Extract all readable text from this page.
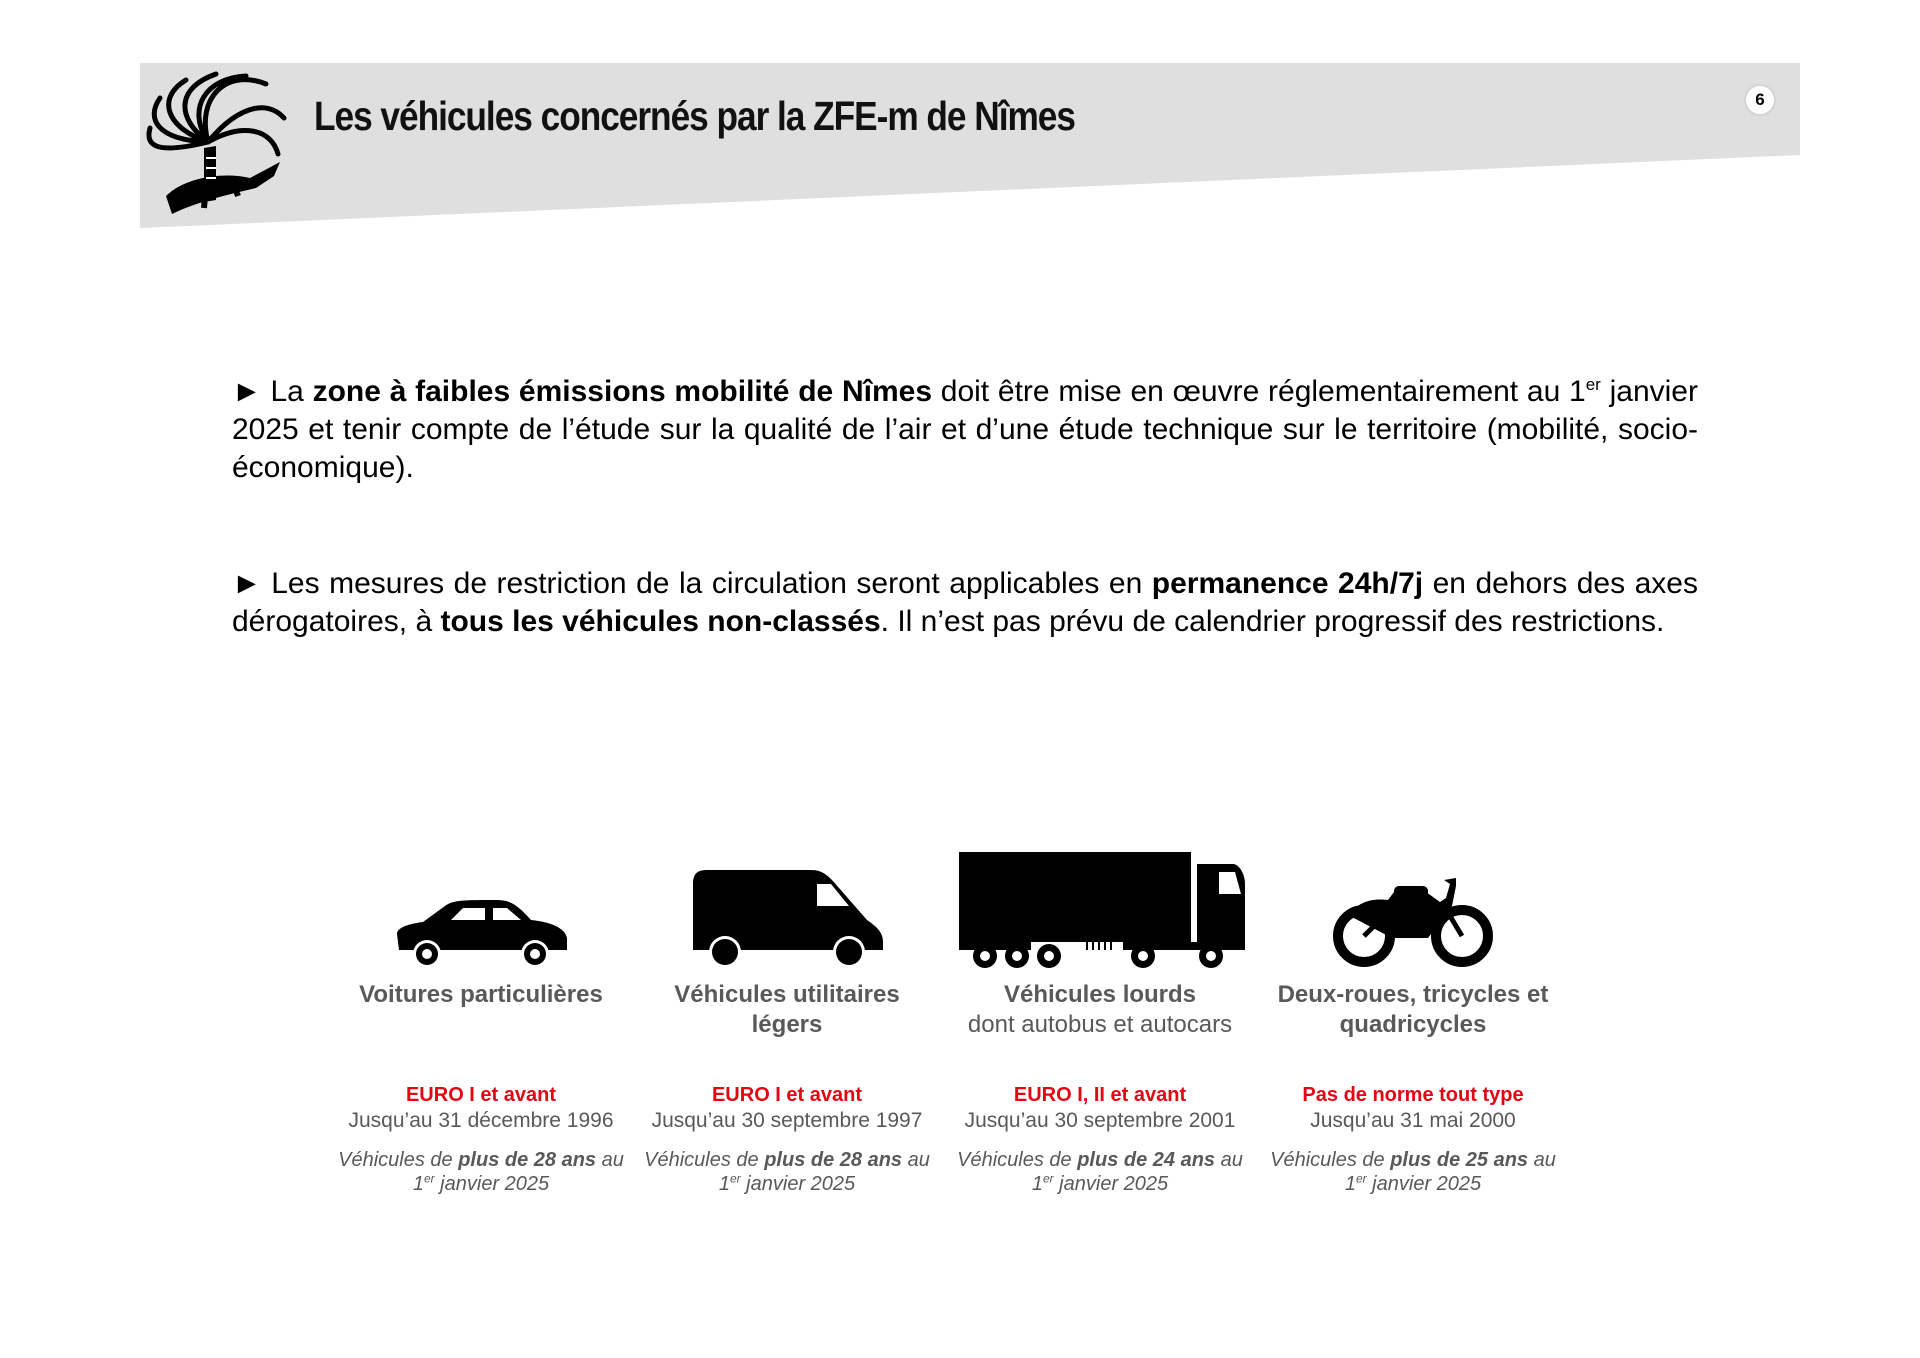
Les véhicules concernés par la ZFE-m de Nîmes	6

► La zone à faibles émissions mobilité de Nîmes doit être mise en œuvre réglementairement au 1er janvier 2025 et tenir compte de l’étude sur la qualité de l’air et d’une étude technique sur le territoire (mobilité, socio-économique).

► Les mesures de restriction de la circulation seront applicables en permanence 24h/7j en dehors des axes dérogatoires, à tous les véhicules non-classés. Il n’est pas prévu de calendrier progressif des restrictions.

Voitures particulières
EURO I et avant
Jusqu’au 31 décembre 1996
Véhicules de plus de 28 ans au 1er janvier 2025
Véhicules utilitaires légers
EURO I et avant
Jusqu’au 30 septembre 1997
Véhicules de plus de 28 ans au 1er janvier 2025
Véhicules lourds
dont autobus et autocars
EURO I, II et avant
Jusqu’au 30 septembre 2001
Véhicules de plus de 24 ans au 1er janvier 2025
Deux-roues, tricycles et quadricycles
Pas de norme tout type
Jusqu’au 31 mai 2000
Véhicules de plus de 25 ans au 1er janvier 2025
